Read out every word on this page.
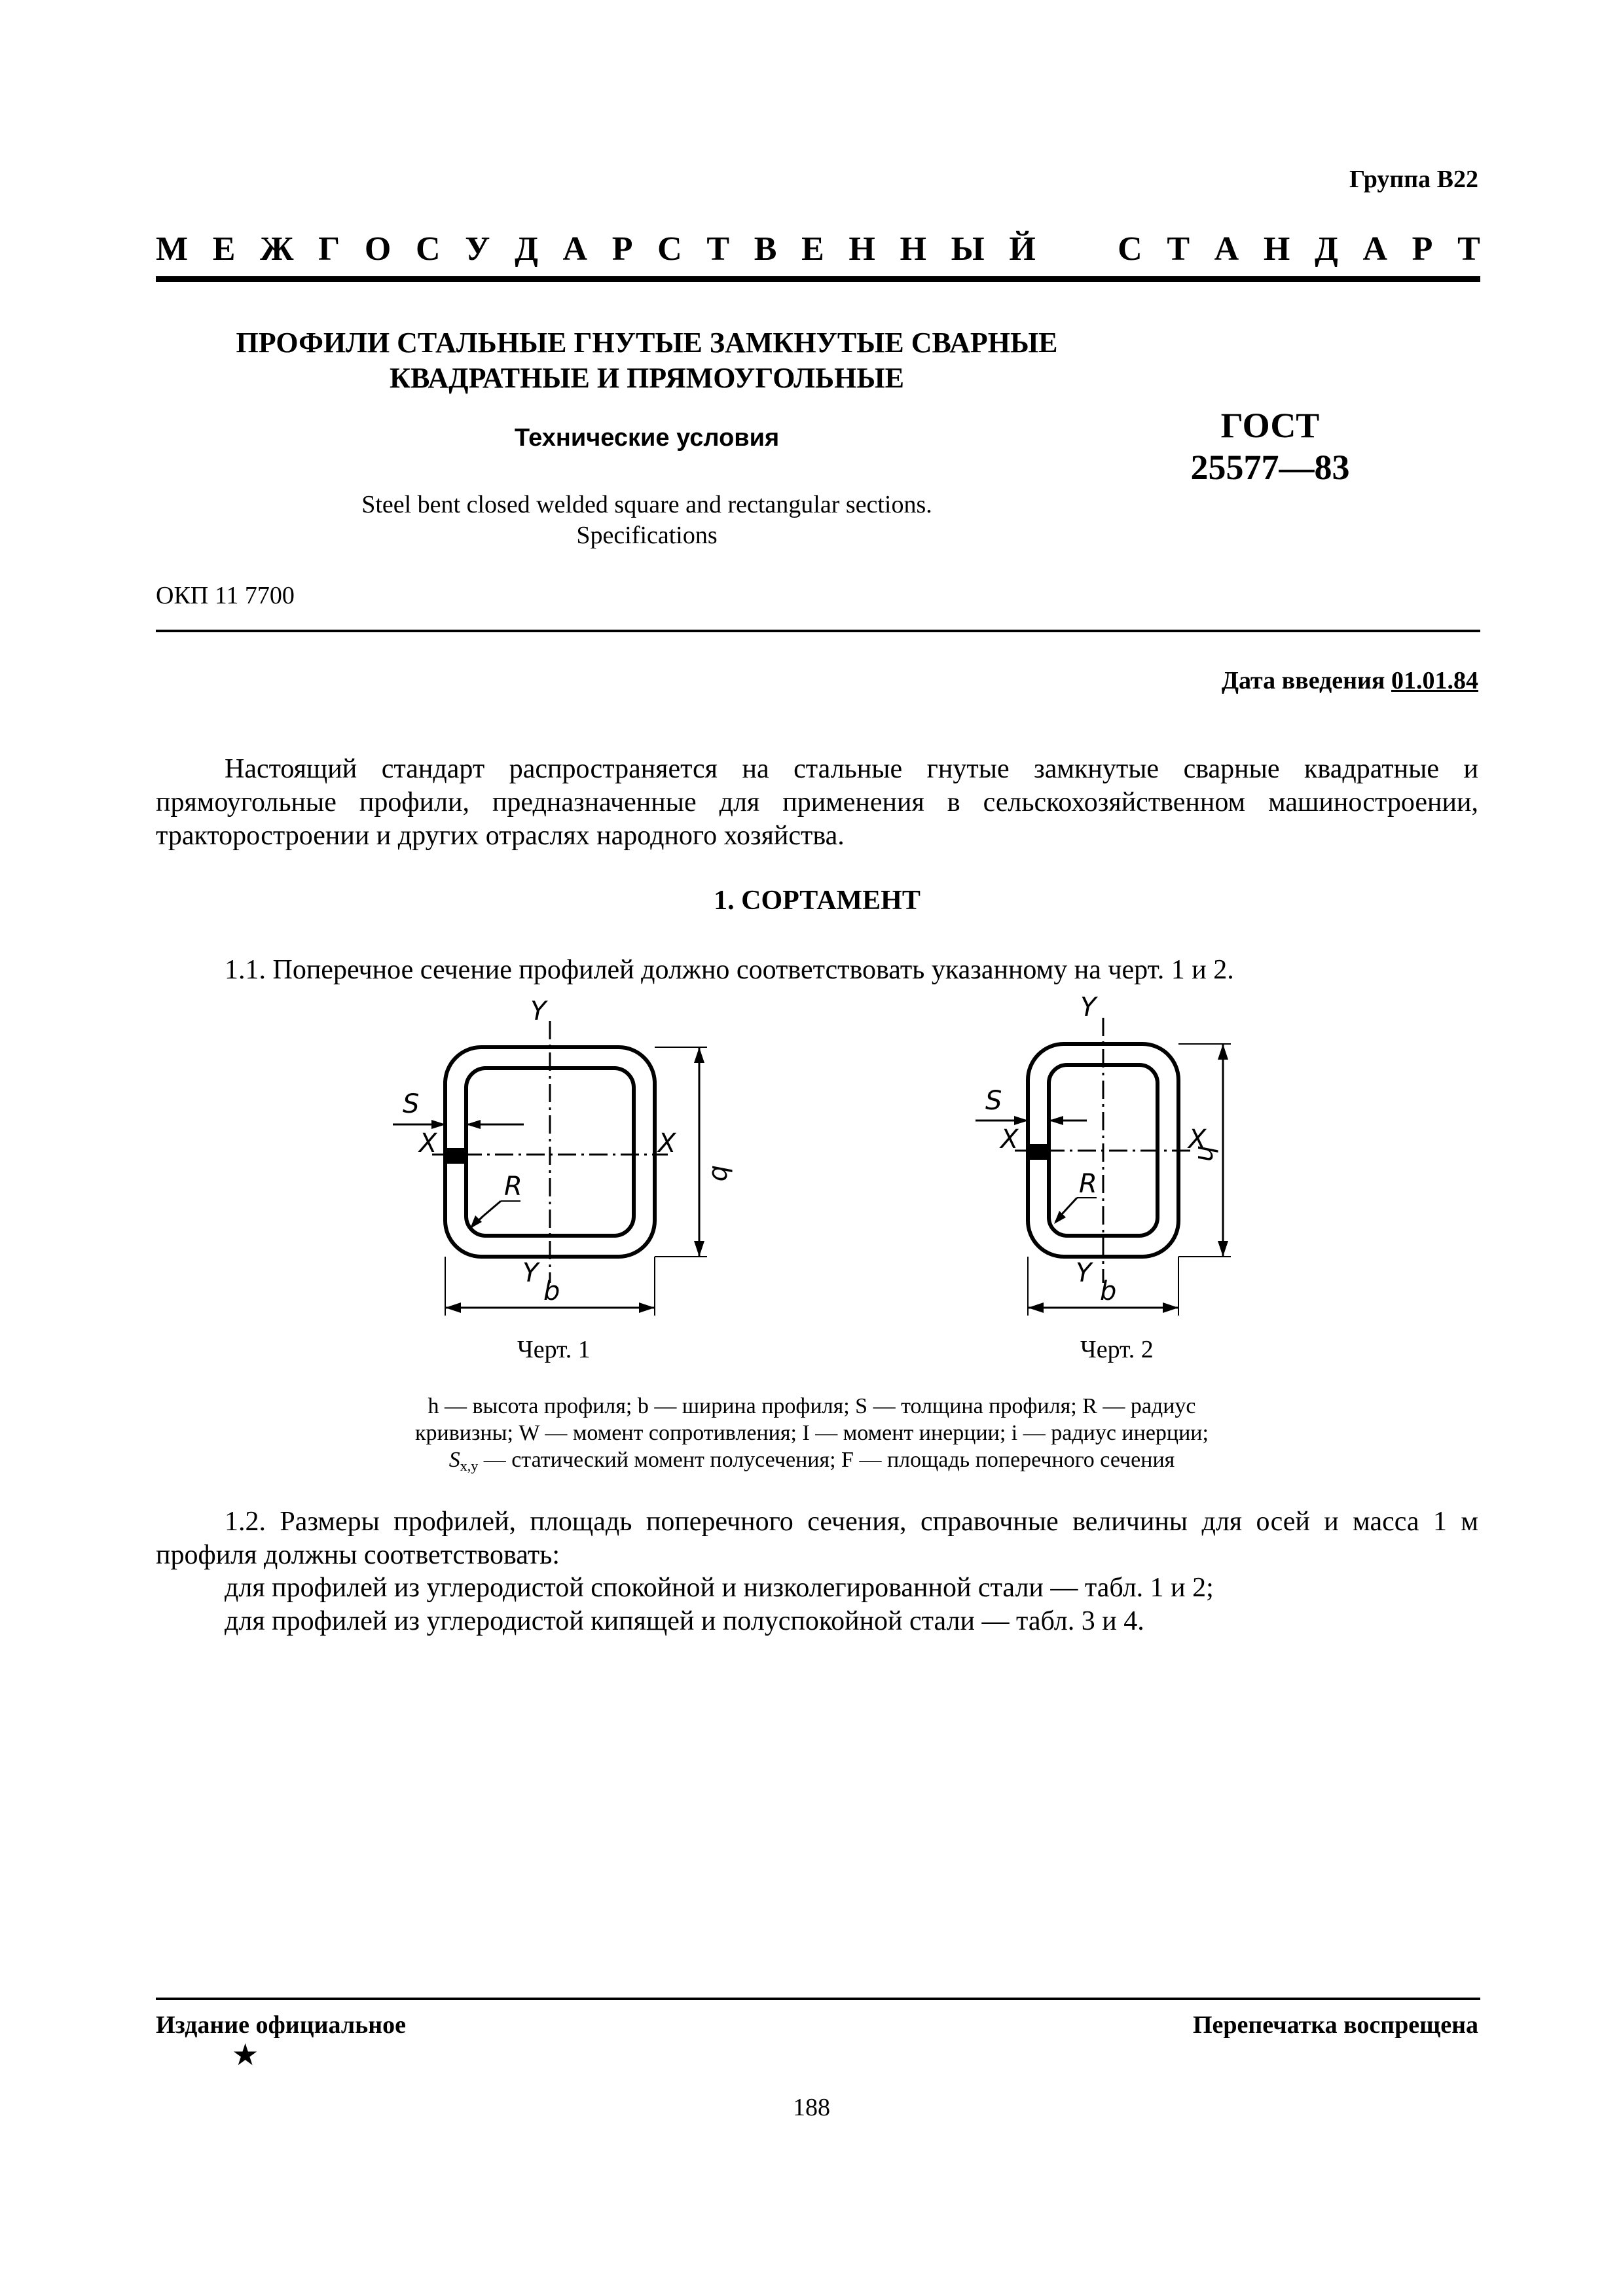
Группа В22
М Е Ж Г О С У Д А Р С Т В Е Н Н Ы Й С Т А Н Д А Р Т
ПРОФИЛИ СТАЛЬНЫЕ ГНУТЫЕ ЗАМКНУТЫЕ СВАРНЫЕ
КВАДРАТНЫЕ И ПРЯМОУГОЛЬНЫЕ
Технические условия
Steel bent closed welded square and rectangular sections.
Specifications
ГОСТ
25577—83
ОКП 11 7700
Дата введения 01.01.84
Настоящий стандарт распространяется на стальные гнутые замкнутые сварные квадратные и прямоугольные профили, предназначенные для применения в сельскохозяйственном машиностроении, тракторостроении и других отраслях народного хозяйства.
1. СОРТАМЕНТ
1.1. Поперечное сечение профилей должно соответствовать указанному на черт. 1 и 2.
S
X	X
Y
Y
R
b
b
Черт. 1
S
X	X
Y
Y
R
b
h
Черт. 2
h — высота профиля; b — ширина профиля; S — толщина профиля; R — радиус
кривизны; W — момент сопротивления; I — момент инерции; i — радиус инерции;
$S_{x,y}$ — статический момент полусечения; F — площадь поперечного сечения
1.2. Размеры профилей, площадь поперечного сечения, справочные величины для осей и масса 1 м профиля должны соответствовать:
для профилей из углеродистой спокойной и низколегированной стали — табл. 1 и 2;
для профилей из углеродистой кипящей и полуспокойной стали — табл. 3 и 4.
Издание официальное
★
Перепечатка воспрещена
188
